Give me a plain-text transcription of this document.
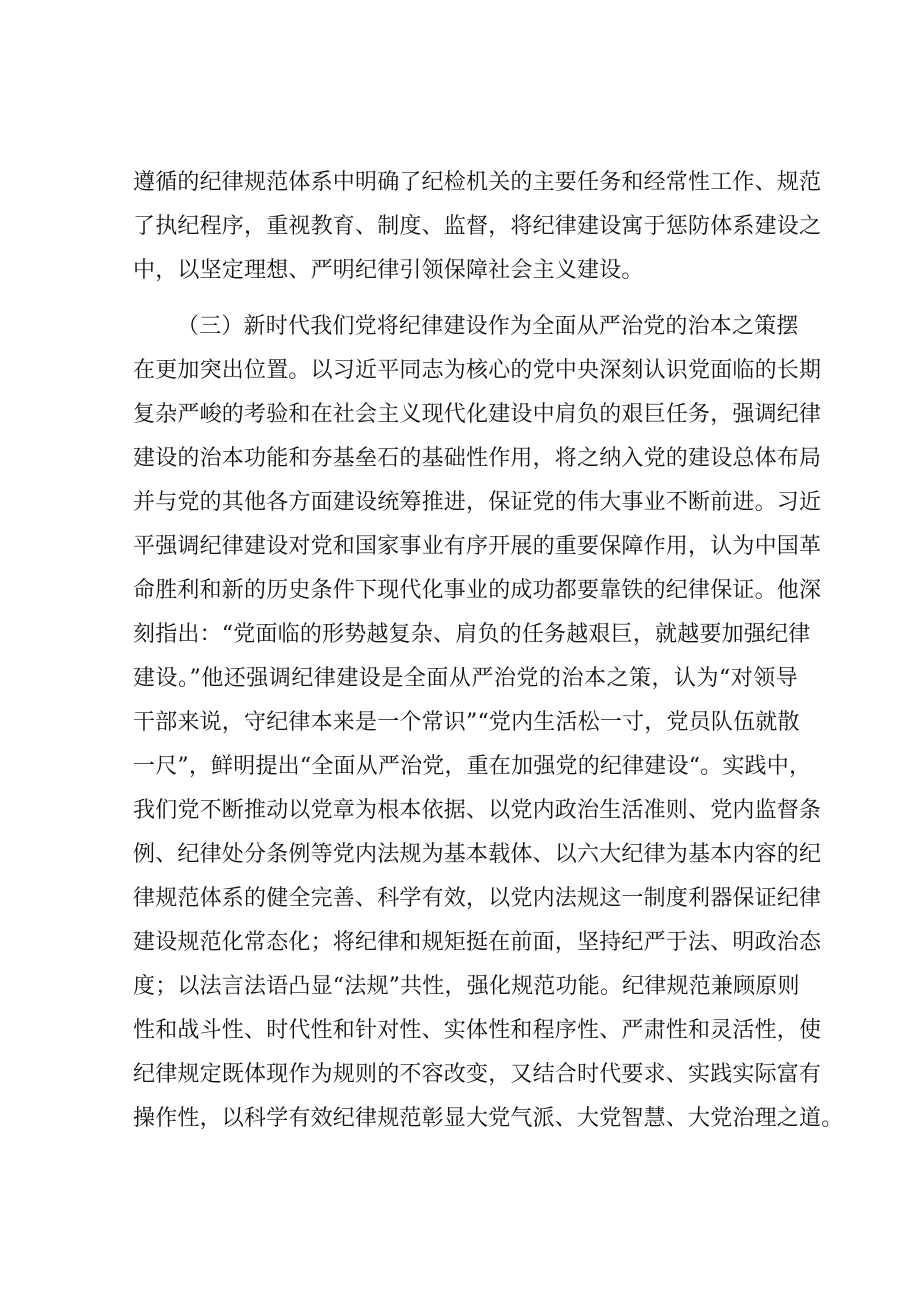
遵循的纪律规范体系中明确了纪检机关的主要任务和经常性工作、规范
了执纪程序，重视教育、制度、监督，将纪律建设寓于惩防体系建设之
中，以坚定理想、严明纪律引领保障社会主义建设。
（三）新时代我们党将纪律建设作为全面从严治党的治本之策摆
在更加突出位置。以习近平同志为核心的党中央深刻认识党面临的长期
复杂严峻的考验和在社会主义现代化建设中肩负的艰巨任务，强调纪律
建设的治本功能和夯基垒石的基础性作用，将之纳入党的建设总体布局
并与党的其他各方面建设统筹推进，保证党的伟大事业不断前进。习近
平强调纪律建设对党和国家事业有序开展的重要保障作用，认为中国革
命胜利和新的历史条件下现代化事业的成功都要靠铁的纪律保证。他深
刻指出：“党面临的形势越复杂、肩负的任务越艰巨，就越要加强纪律
建设。”他还强调纪律建设是全面从严治党的治本之策，认为“对领导
干部来说，守纪律本来是一个常识”“党内生活松一寸，党员队伍就散
一尺”，鲜明提出“全面从严治党，重在加强党的纪律建设“。实践中，
我们党不断推动以党章为根本依据、以党内政治生活准则、党内监督条
例、纪律处分条例等党内法规为基本载体、以六大纪律为基本内容的纪
律规范体系的健全完善、科学有效，以党内法规这一制度利器保证纪律
建设规范化常态化；将纪律和规矩挺在前面，坚持纪严于法、明政治态
度；以法言法语凸显“法规”共性，强化规范功能。纪律规范兼顾原则
性和战斗性、时代性和针对性、实体性和程序性、严肃性和灵活性，使
纪律规定既体现作为规则的不容改变，又结合时代要求、实践实际富有
操作性，以科学有效纪律规范彰显大党气派、大党智慧、大党治理之道。
